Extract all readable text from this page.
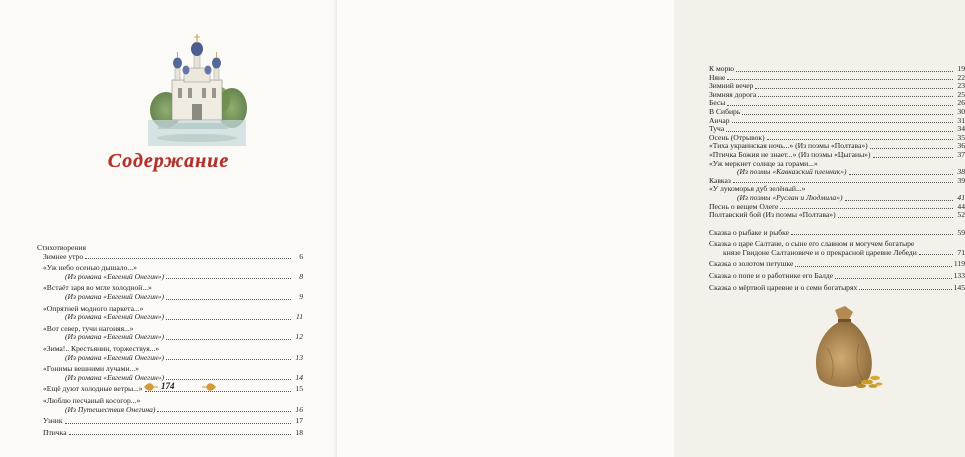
Содержание
Стихотворения
Зимнее утро	6
«Уж небо осенью дышало...»
(Из романа «Евгений Онегин»)	8
«Встаёт заря во мгле холодной...»
(Из романа «Евгений Онегин»)	9
«Опрятней модного паркета...»
(Из романа «Евгений Онегин»)	11
«Вот север, тучи нагоняя...»
(Из романа «Евгений Онегин»)	12
«Зима!.. Крестьянин, торжествуя...»
(Из романа «Евгений Онегин»)	13
«Гонимы вешними лучами...»
(Из романа «Евгений Онегин»)	14
«Ещё дуют холодные ветры...»	15
«Люблю песчаный косогор...»
(Из Путешествия Онегина)	16
Узник	17
Птичка	18
174
К морю	19
Няне	22
Зимний вечер	23
Зимняя дорога	25
Бесы	26
В Сибирь	30
Анчар	31
Туча	34
Осень (Отрывок)	35
«Тиха украинская ночь...» (Из поэмы «Полтава»)	36
«Птичка Божия не знает...» (Из поэмы «Цыганы»)	37
«Уж меркнет солнце за горами...»
(Из поэмы «Кавказский пленник»)	38
Кавказ	39
«У лукоморья дуб зелёный...»
(Из поэмы «Руслан и Людмила»)	41
Песнь о вещем Олеге	44
Полтавский бой (Из поэмы «Полтава»)	52
Сказка о рыбаке и рыбке	59
Сказка о царе Салтане, о сыне его славном и могучем богатыре
князе Гвидоне Салтановиче и о прекрасной царевне Лебеди	71
Сказка о золотом петушке	119
Сказка о попе и о работнике его Балде	133
Сказка о мёртвой царевне и о семи богатырях	145
